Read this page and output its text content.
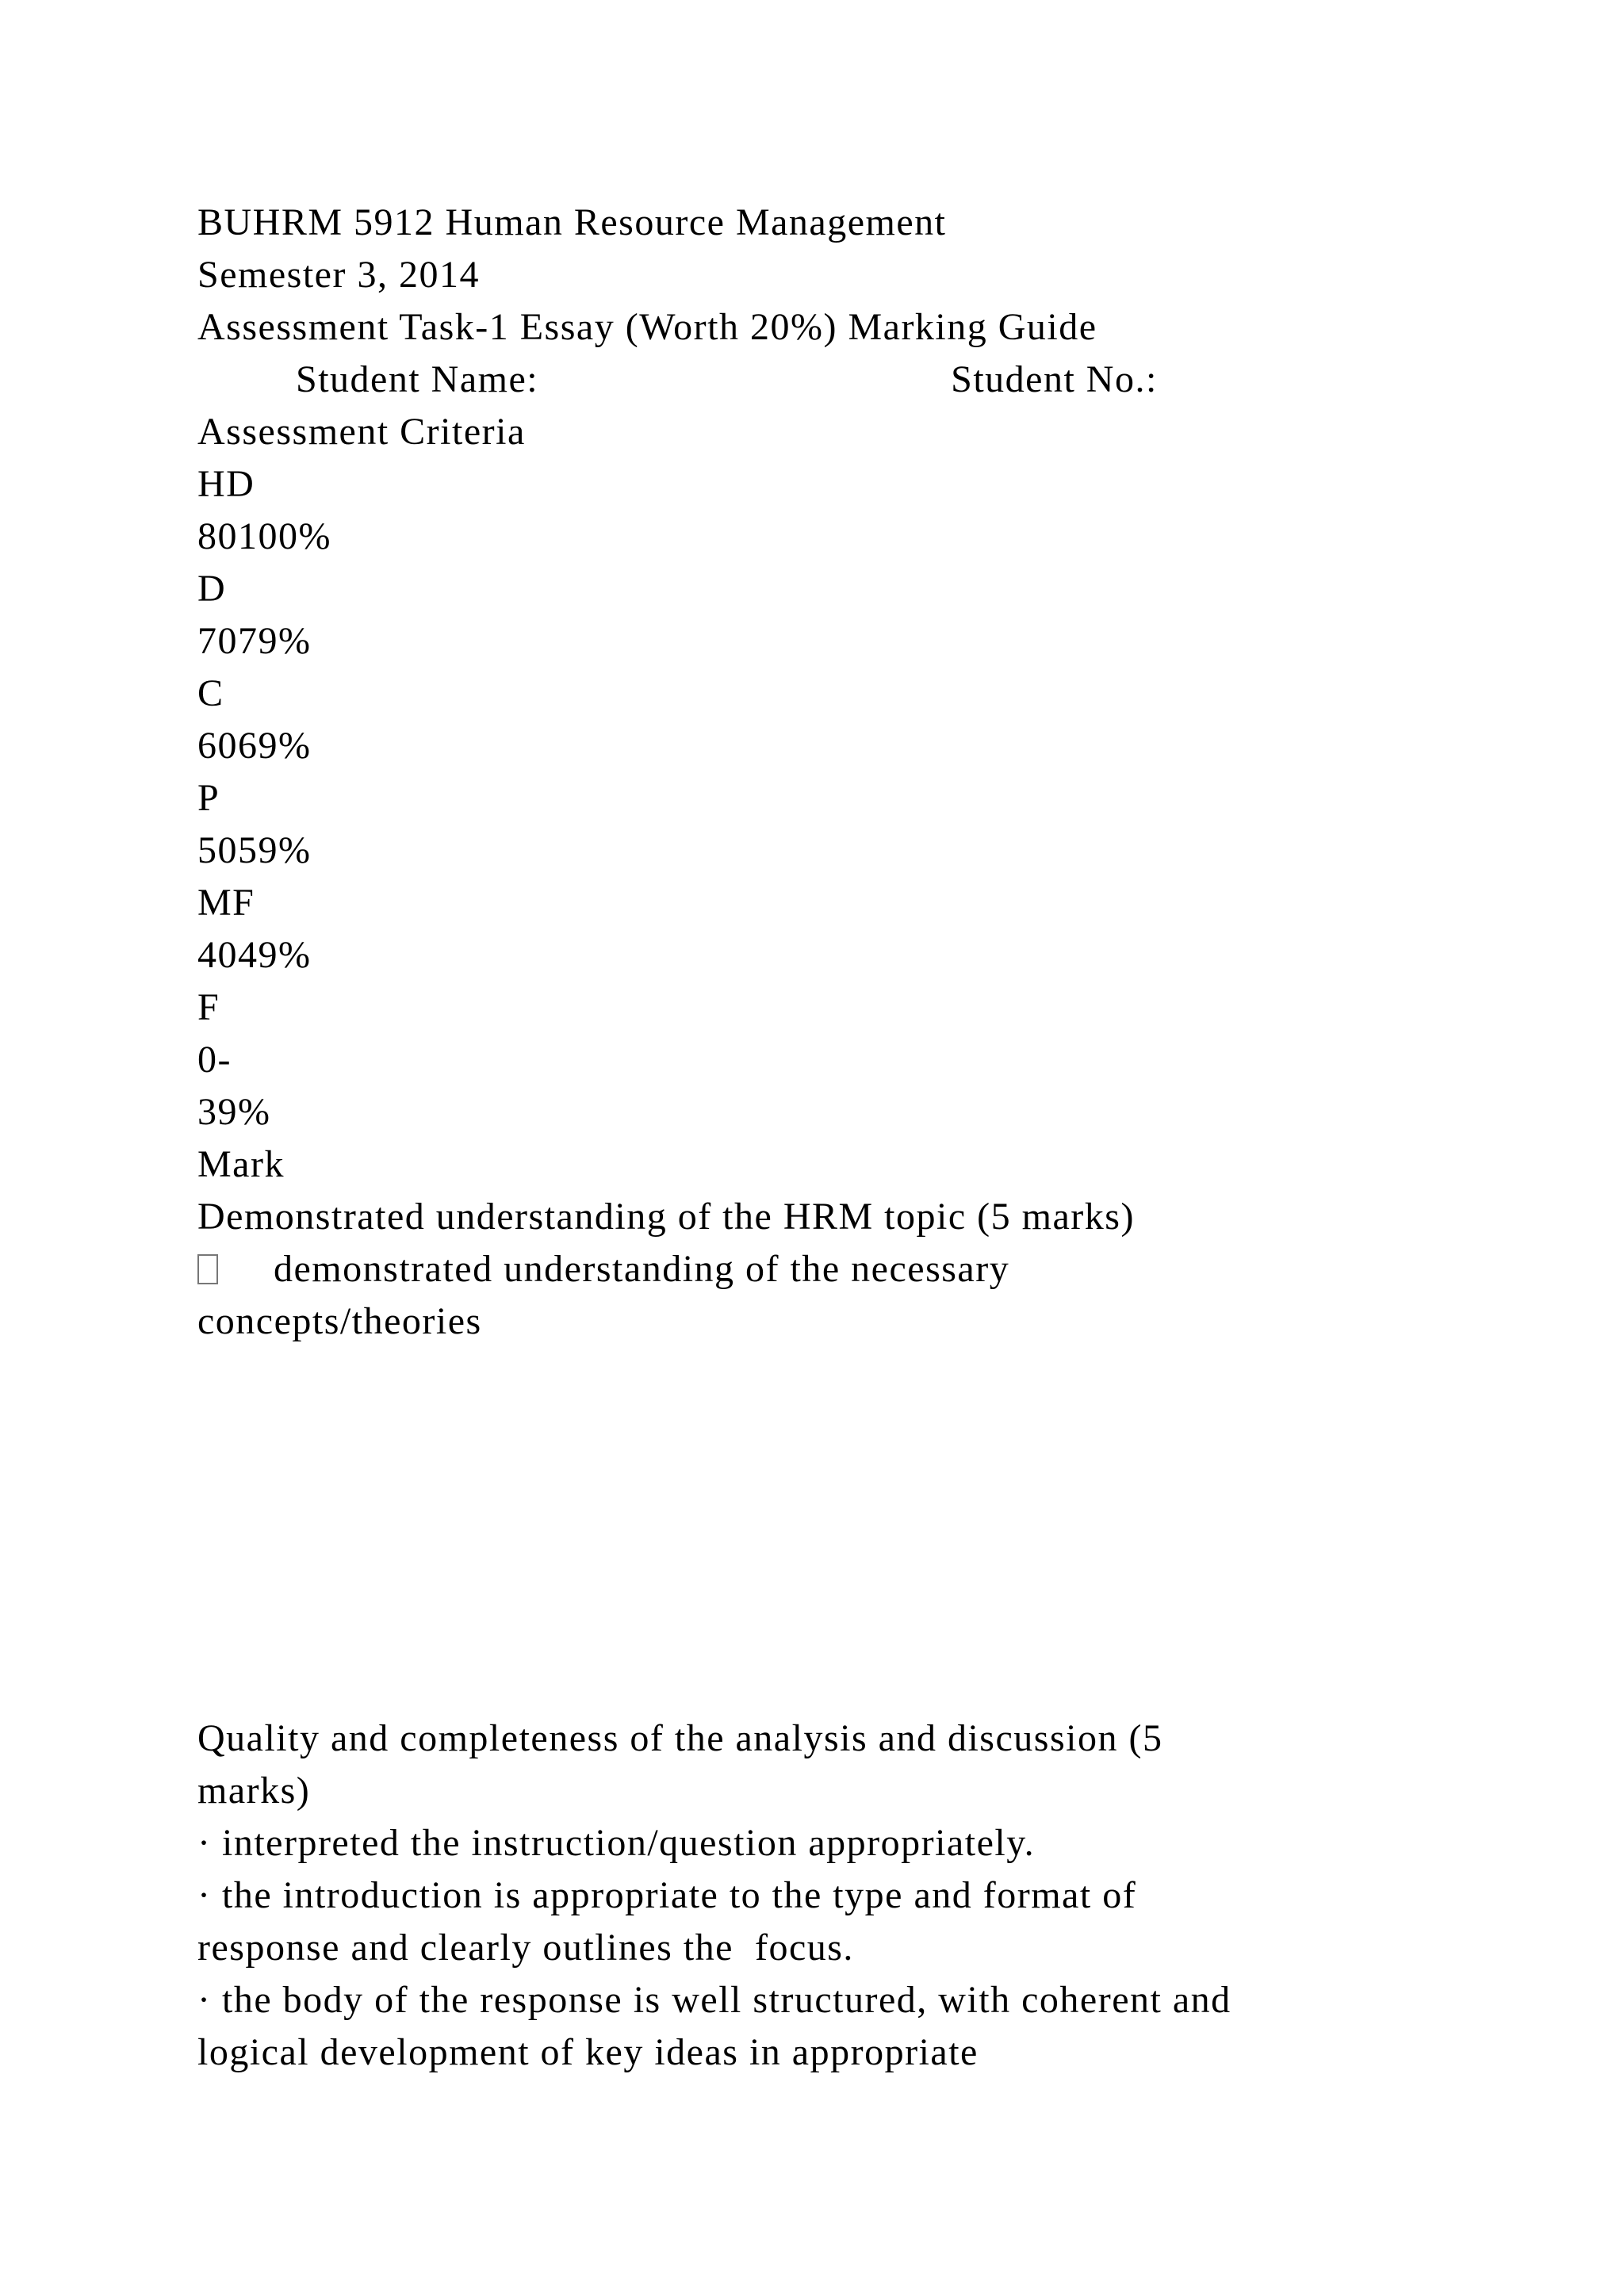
BUHRM 5912 Human Resource Management
Semester 3, 2014
Assessment Task-1 Essay (Worth 20%) Marking Guide
Student Name:	Student No.:
Assessment Criteria
HD
80100%
D
7079%
C
6069%
P
5059%
MF
4049%
F
0-
39%
Mark
Demonstrated understanding of the HRM topic (5 marks)
demonstrated understanding of the necessary
concepts/theories
Quality and completeness of the analysis and discussion (5
marks)
· interpreted the instruction/question appropriately.
· the introduction is appropriate to the type and format of
response and clearly outlines the  focus.
· the body of the response is well structured, with coherent and
logical development of key ideas in appropriate
